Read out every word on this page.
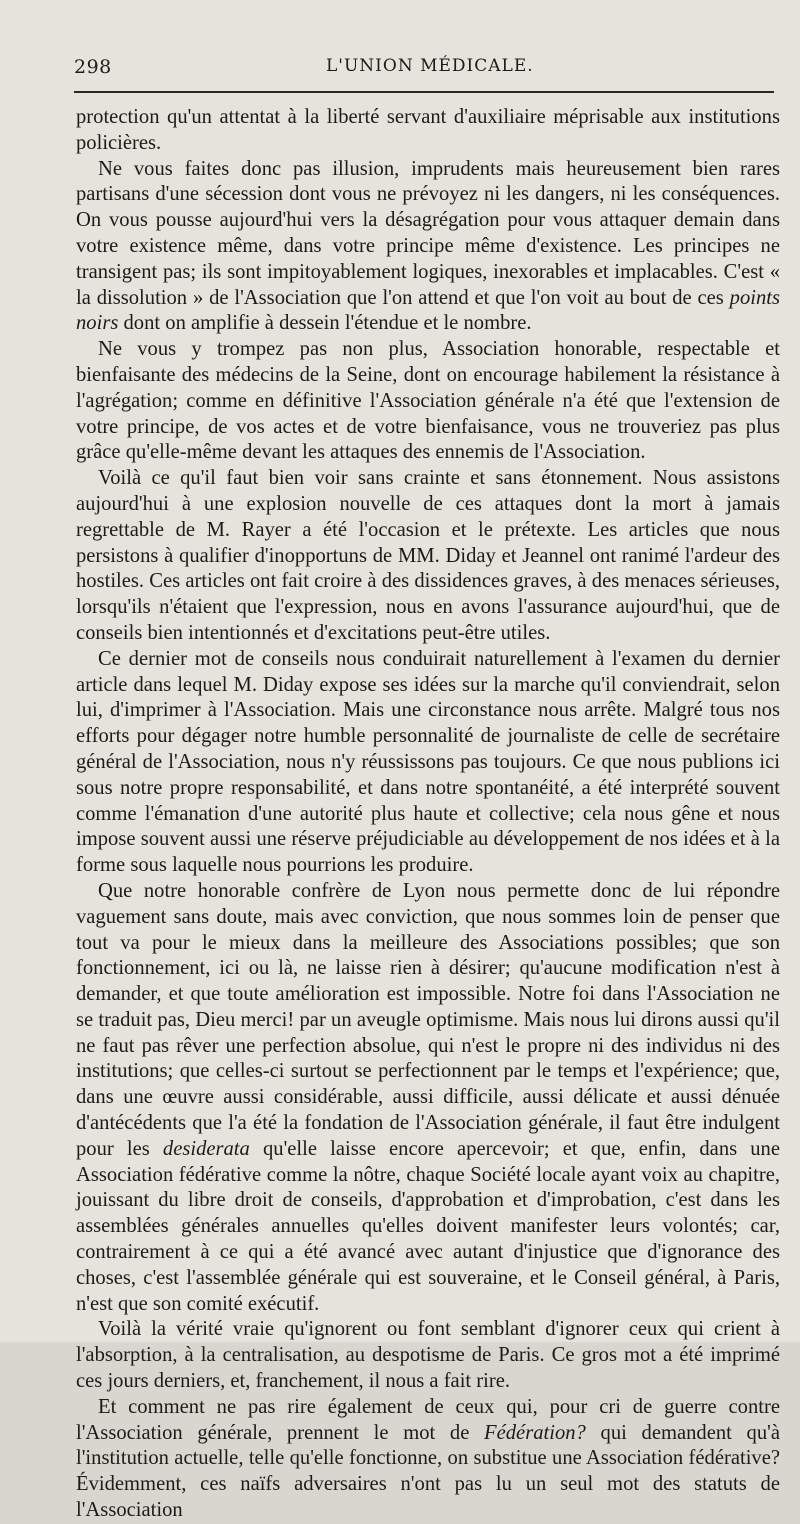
298	L'UNION MÉDICALE.

protection qu'un attentat à la liberté servant d'auxiliaire méprisable aux institutions policières.

Ne vous faites donc pas illusion, imprudents mais heureusement bien rares partisans d'une sécession dont vous ne prévoyez ni les dangers, ni les conséquences. On vous pousse aujourd'hui vers la désagrégation pour vous attaquer demain dans votre existence même, dans votre principe même d'existence. Les principes ne transigent pas; ils sont impitoyablement logiques, inexorables et implacables. C'est « la dissolution » de l'Association que l'on attend et que l'on voit au bout de ces points noirs dont on amplifie à dessein l'étendue et le nombre.

Ne vous y trompez pas non plus, Association honorable, respectable et bienfaisante des médecins de la Seine, dont on encourage habilement la résistance à l'agrégation; comme en définitive l'Association générale n'a été que l'extension de votre principe, de vos actes et de votre bienfaisance, vous ne trouveriez pas plus grâce qu'elle-même devant les attaques des ennemis de l'Association.

Voilà ce qu'il faut bien voir sans crainte et sans étonnement. Nous assistons aujourd'hui à une explosion nouvelle de ces attaques dont la mort à jamais regrettable de M. Rayer a été l'occasion et le prétexte. Les articles que nous persistons à qualifier d'inopportuns de MM. Diday et Jeannel ont ranimé l'ardeur des hostiles. Ces articles ont fait croire à des dissidences graves, à des menaces sérieuses, lorsqu'ils n'étaient que l'expression, nous en avons l'assurance aujourd'hui, que de conseils bien intentionnés et d'excitations peut-être utiles.

Ce dernier mot de conseils nous conduirait naturellement à l'examen du dernier article dans lequel M. Diday expose ses idées sur la marche qu'il conviendrait, selon lui, d'imprimer à l'Association. Mais une circonstance nous arrête. Malgré tous nos efforts pour dégager notre humble personnalité de journaliste de celle de secrétaire général de l'Association, nous n'y réussissons pas toujours. Ce que nous publions ici sous notre propre responsabilité, et dans notre spontanéité, a été interprété souvent comme l'émanation d'une autorité plus haute et collective; cela nous gêne et nous impose souvent aussi une réserve préjudiciable au développement de nos idées et à la forme sous laquelle nous pourrions les produire.

Que notre honorable confrère de Lyon nous permette donc de lui répondre vaguement sans doute, mais avec conviction, que nous sommes loin de penser que tout va pour le mieux dans la meilleure des Associations possibles; que son fonctionnement, ici ou là, ne laisse rien à désirer; qu'aucune modification n'est à demander, et que toute amélioration est impossible. Notre foi dans l'Association ne se traduit pas, Dieu merci! par un aveugle optimisme. Mais nous lui dirons aussi qu'il ne faut pas rêver une perfection absolue, qui n'est le propre ni des individus ni des institutions; que celles-ci surtout se perfectionnent par le temps et l'expérience; que, dans une œuvre aussi considérable, aussi difficile, aussi délicate et aussi dénuée d'antécédents que l'a été la fondation de l'Association générale, il faut être indulgent pour les desiderata qu'elle laisse encore apercevoir; et que, enfin, dans une Association fédérative comme la nôtre, chaque Société locale ayant voix au chapitre, jouissant du libre droit de conseils, d'approbation et d'improbation, c'est dans les assemblées générales annuelles qu'elles doivent manifester leurs volontés; car, contrairement à ce qui a été avancé avec autant d'injustice que d'ignorance des choses, c'est l'assemblée générale qui est souveraine, et le Conseil général, à Paris, n'est que son comité exécutif.

Voilà la vérité vraie qu'ignorent ou font semblant d'ignorer ceux qui crient à l'absorption, à la centralisation, au despotisme de Paris. Ce gros mot a été imprimé ces jours derniers, et, franchement, il nous a fait rire.

Et comment ne pas rire également de ceux qui, pour cri de guerre contre l'Association générale, prennent le mot de Fédération? qui demandent qu'à l'institution actuelle, telle qu'elle fonctionne, on substitue une Association fédérative? Évidemment, ces naïfs adversaires n'ont pas lu un seul mot des statuts de l'Association
